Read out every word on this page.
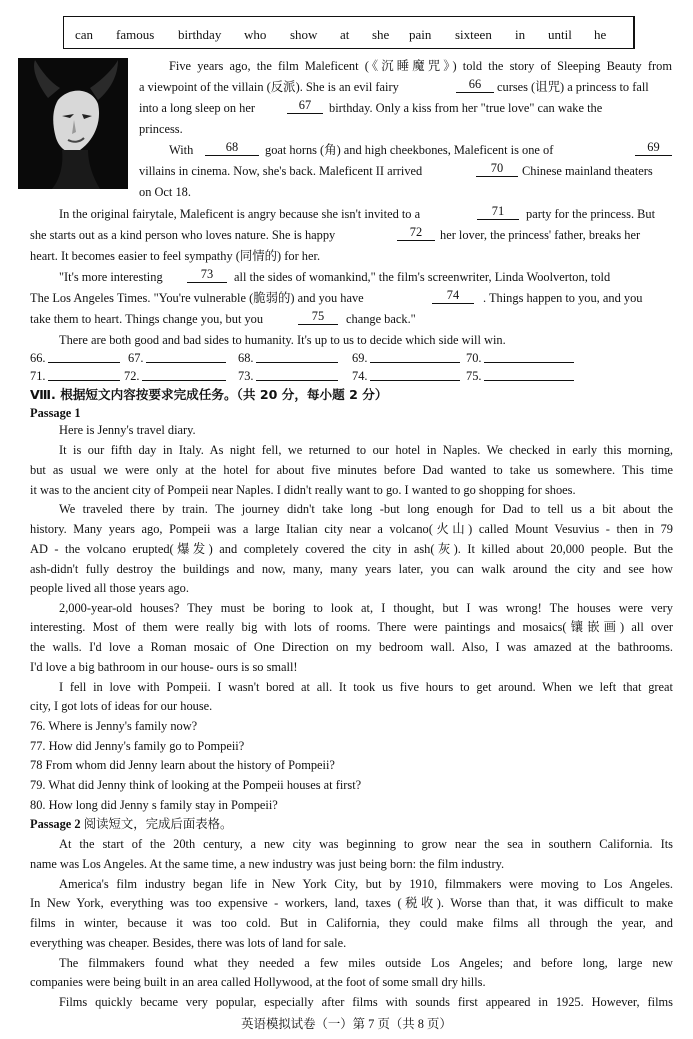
can famous birthday who show at she pain sixteen in until he
Five years ago, the film Maleficent (《沉睡魔咒》) told the story of Sleeping Beauty from
a viewpoint of the villain (反派). She is an evil fairy	66	curses (诅咒) a princess to fall
into a long sleep on her	67	birthday. Only a kiss from her "true love" can wake the
princess.
With	68	goat horns (角) and high cheekbones, Maleficent is one of	69
villains in cinema. Now, she's back. Maleficent II arrived	70	Chinese mainland theaters
on Oct 18.
In the original fairytale, Maleficent is angry because she isn't invited to a	71	party for the princess. But
she starts out as a kind person who loves nature. She is happy	72	her lover, the princess' father, breaks her
heart. It becomes easier to feel sympathy (同情的) for her.
"It's more interesting	73	all the sides of womankind," the film's screenwriter, Linda Woolverton, told
The Los Angeles Times. "You're vulnerable (脆弱的) and you have	74	. Things happen to you, and you
take them to heart. Things change you, but you	75	change back."
There are both good and bad sides to humanity. It's up to us to decide which side will win.
66.	67.	68.	69.	70.
71.	72.	73.	74.	75.
Ⅷ. 根据短文内容按要求完成任务。（共 20 分，每小题 2 分）
Passage 1
Here is Jenny's travel diary.
It is our fifth day in Italy. As night fell, we returned to our hotel in Naples. We checked in early this morning,
but as usual we were only at the hotel for about five minutes before Dad wanted to take us somewhere. This time
it was to the ancient city of Pompeii near Naples. I didn't really want to go. I wanted to go shopping for shoes.
We traveled there by train. The journey didn't take long -but long enough for Dad to tell us a bit about the
history. Many years ago, Pompeii was a large Italian city near a volcano(火山) called Mount Vesuvius - then in 79
AD - the volcano erupted(爆发) and completely covered the city in ash(灰). It killed about 20,000 people. But the
ash-didn't fully destroy the buildings and now, many, many years later, you can walk around the city and see how
people lived all those years ago.
2,000-year-old houses? They must be boring to look at, I thought, but I was wrong! The houses were very
interesting. Most of them were really big with lots of rooms. There were paintings and mosaics(镶嵌画) all over
the walls. I'd love a Roman mosaic of One Direction on my bedroom wall. Also, I was amazed at the bathrooms.
I'd love a big bathroom in our house- ours is so small!
I fell in love with Pompeii. I wasn't bored at all. It took us five hours to get around. When we left that great
city, I got lots of ideas for our house.
76. Where is Jenny's family now?
77. How did Jenny's family go to Pompeii?
78 From whom did Jenny learn about the history of Pompeii?
79. What did Jenny think of looking at the Pompeii houses at first?
80. How long did Jenny s family stay in Pompeii?
Passage 2 阅读短文，完成后面表格。
At the start of the 20th century, a new city was beginning to grow near the sea in southern California. Its
name was Los Angeles. At the same time, a new industry was just being born: the film industry.
America's film industry began life in New York City, but by 1910, filmmakers were moving to Los Angeles.
In New York, everything was too expensive - workers, land, taxes (税收). Worse than that, it was difficult to make
films in winter, because it was too cold. But in California, they could make films all through the year, and
everything was cheaper. Besides, there was lots of land for sale.
The filmmakers found what they needed a few miles outside Los Angeles; and before long, large new
companies were being built in an area called Hollywood, at the foot of some small dry hills.
Films quickly became very popular, especially after films with sounds first appeared in 1925. However, films
英语模拟试卷（一）第 7 页（共 8 页）
